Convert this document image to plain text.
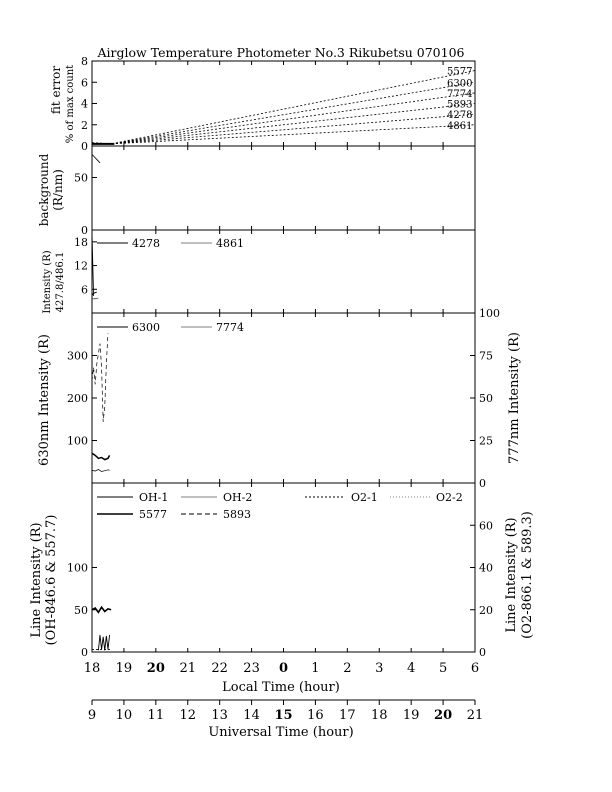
Airglow Temperature Photometer No.3 Rikubetsu 070106
fit error % of max count
background (R/nm)
Intensity (R) 427.8/486.1
630nm Intensity (R)	777nm Intensity (R)
Line Intensity (R) (OH-846.6 & 557.7)	Line Intensity (R) (O2-866.1 & 589.3)
18 19 20 21 22 23 0 1 2 3 4 5 6
9 10 11 12 13 14 15 16 17 18 19 20 21
0
2
4
6
8
0
50
6
12
18
100
200
300
0
25
50
75
100
0
50
100
0
20
40
60
5577
6300
7774
5893
4278
4861
4278	4861
6300	7774
OH-1	OH-2	O2-1	O2-2
5577	5893
Local Time (hour)
Universal Time (hour)
